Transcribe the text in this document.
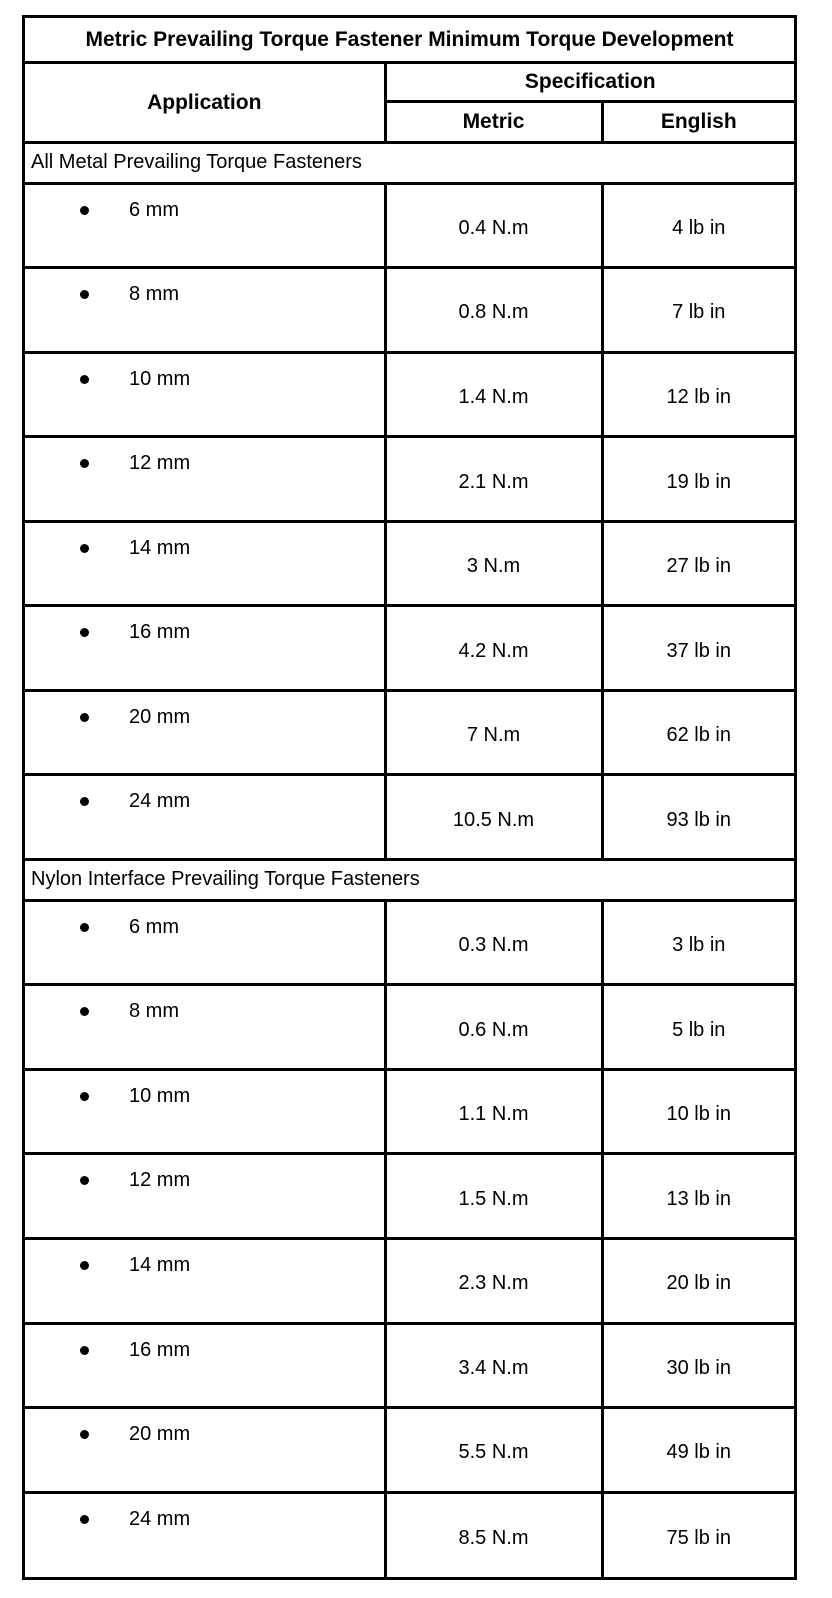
Metric Prevailing Torque Fastener Minimum Torque Development		
Application	Specification	
	Metric	English
All Metal Prevailing Torque Fasteners		

6 mm	0.4 N.m	4 lb in

8 mm	0.8 N.m	7 lb in

10 mm	1.4 N.m	12 lb in

12 mm	2.1 N.m	19 lb in

14 mm	3 N.m	27 lb in

16 mm	4.2 N.m	37 lb in

20 mm	7 N.m	62 lb in

24 mm	10.5 N.m	93 lb in
Nylon Interface Prevailing Torque Fasteners		

6 mm	0.3 N.m	3 lb in

8 mm	0.6 N.m	5 lb in

10 mm	1.1 N.m	10 lb in

12 mm	1.5 N.m	13 lb in

14 mm	2.3 N.m	20 lb in

16 mm	3.4 N.m	30 lb in

20 mm	5.5 N.m	49 lb in

24 mm	8.5 N.m	75 lb in
